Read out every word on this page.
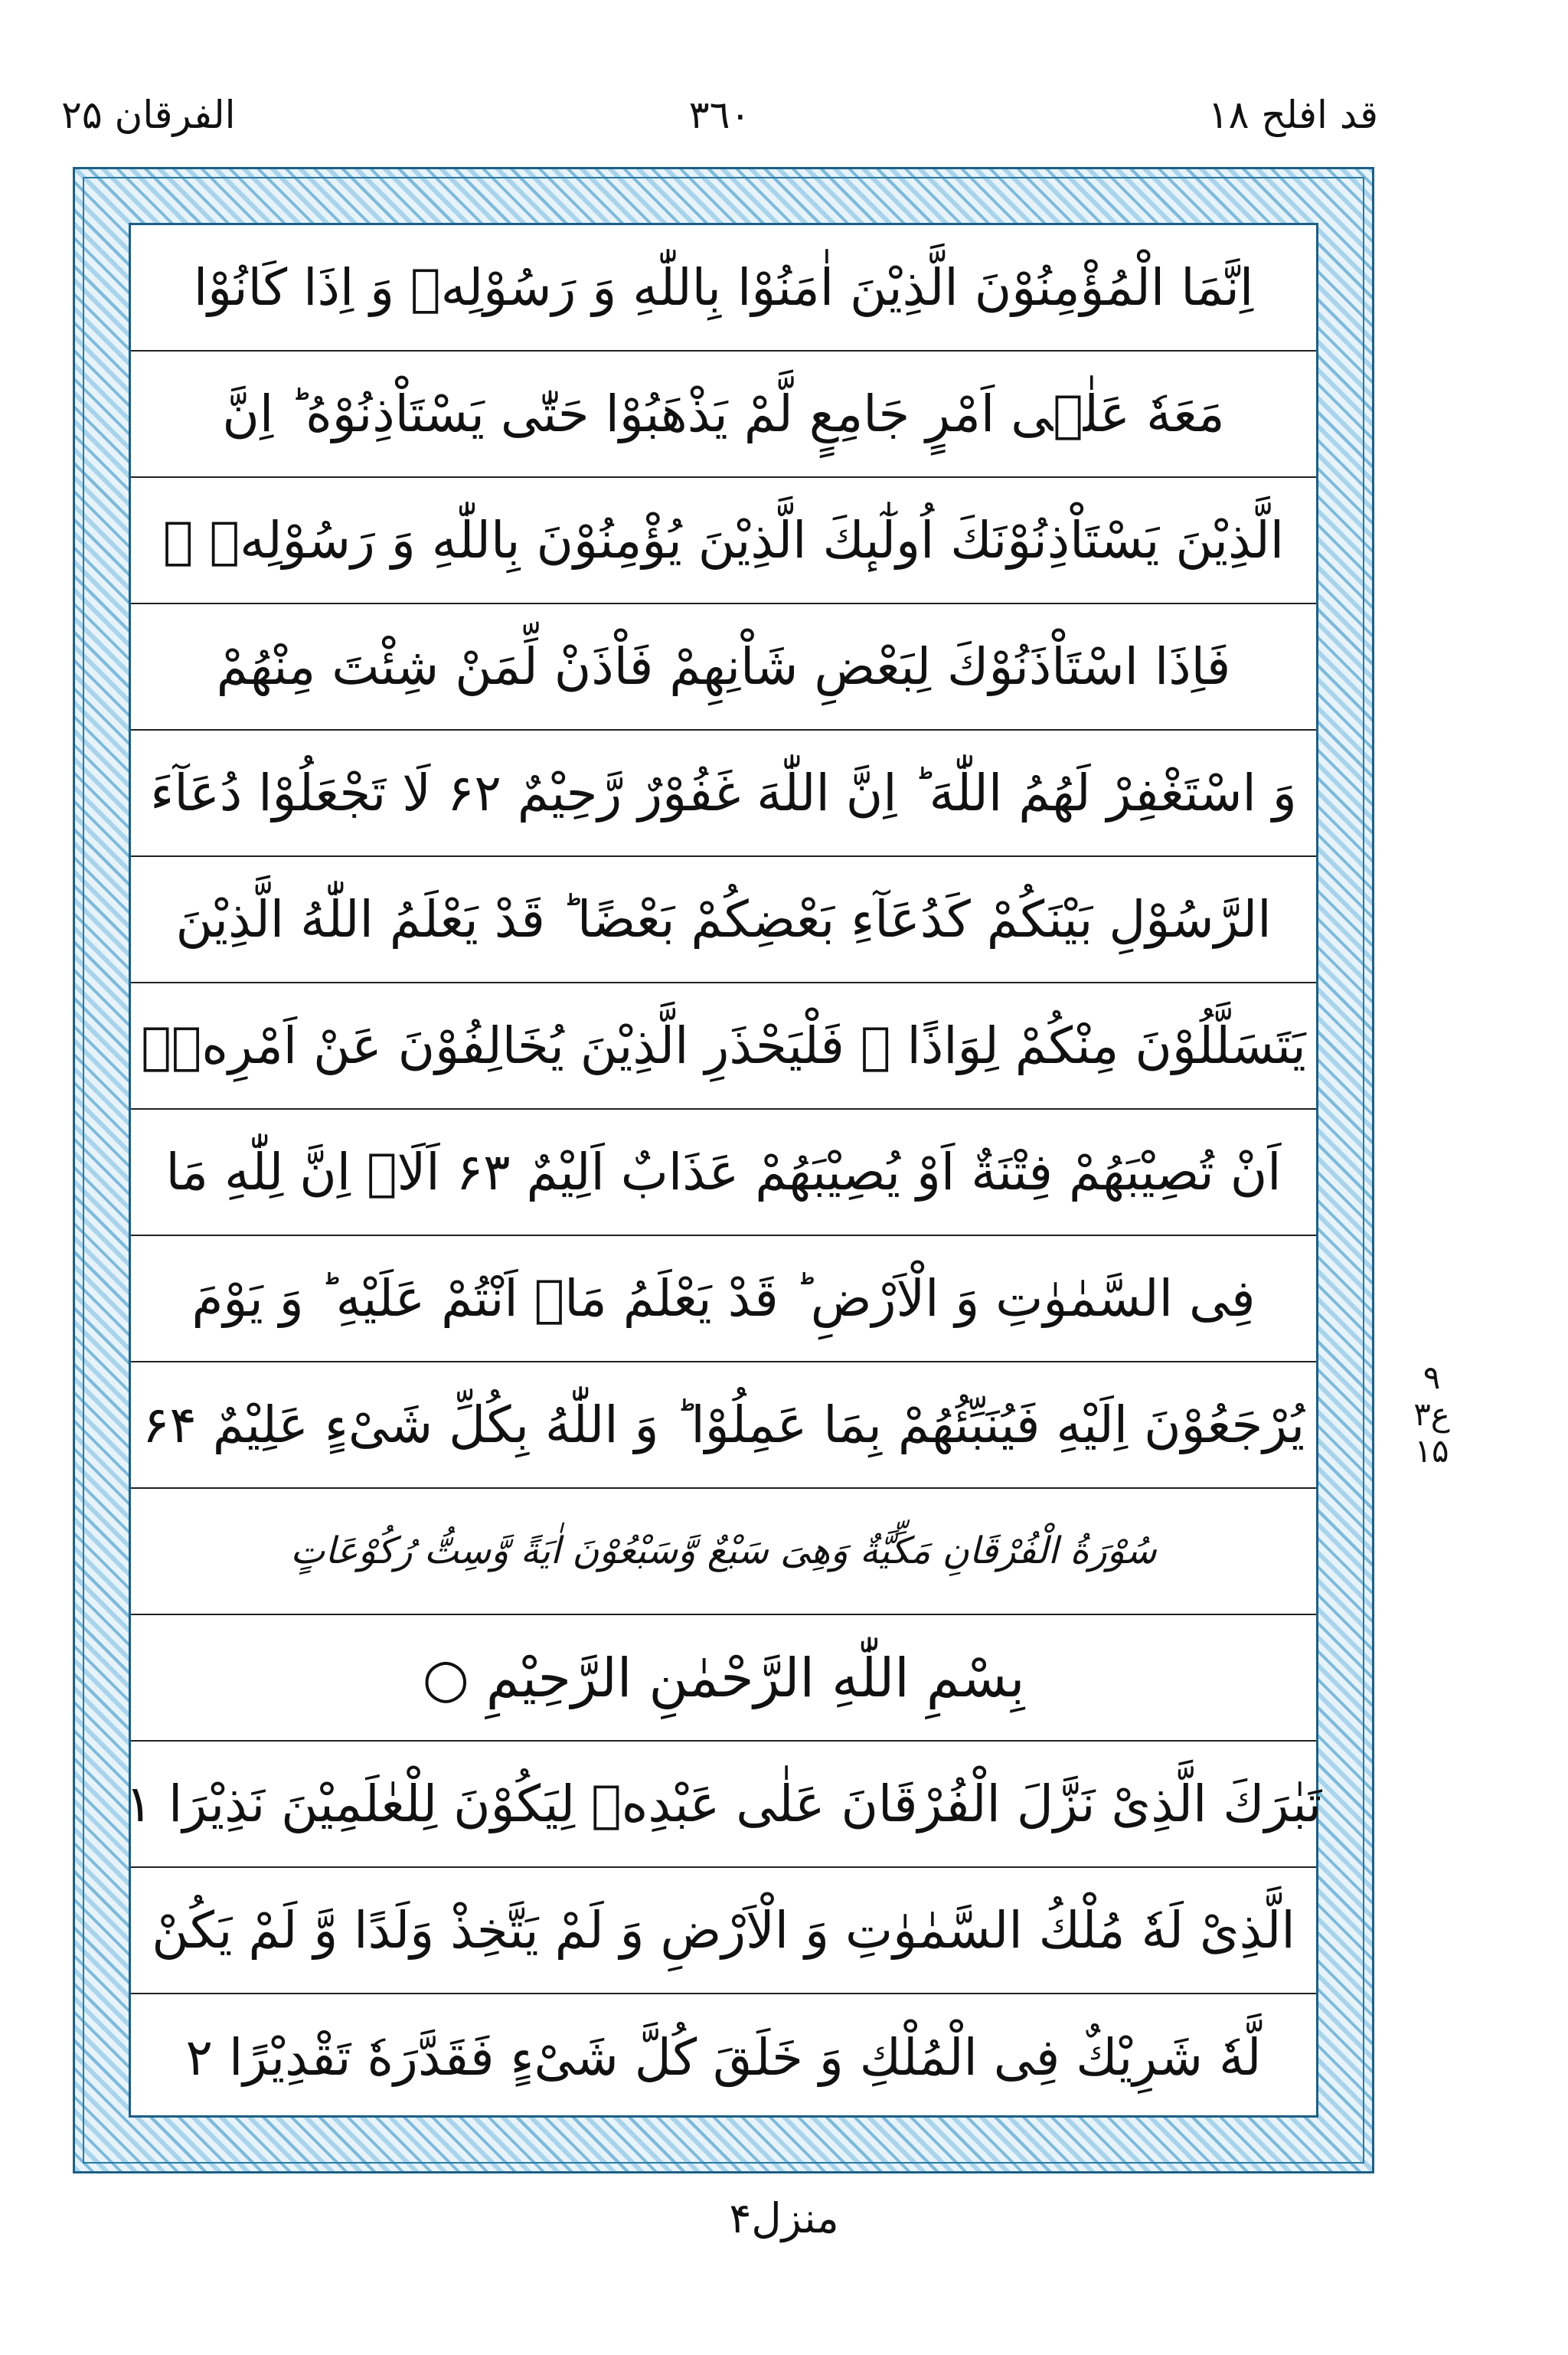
قد افلح ۱۸
۳٦۰
الفرقان ۲۵
اِنَّمَا الْمُؤْمِنُوْنَ الَّذِیْنَ اٰمَنُوْا بِاللّٰهِ وَ رَسُوْلِهٖ وَ اِذَا كَانُوْا
مَعَهٗ عَلٰۤى اَمْرٍ جَامِعٍ لَّمْ یَذْهَبُوْا حَتّٰى یَسْتَاْذِنُوْهُ ؕ اِنَّ
الَّذِیْنَ یَسْتَاْذِنُوْنَكَ اُولٰٓىٕكَ الَّذِیْنَ یُؤْمِنُوْنَ بِاللّٰهِ وَ رَسُوْلِهٖ ۚ
فَاِذَا اسْتَاْذَنُوْكَ لِبَعْضِ شَاْنِهِمْ فَاْذَنْ لِّمَنْ شِئْتَ مِنْهُمْ
وَ اسْتَغْفِرْ لَهُمُ اللّٰهَ ؕ اِنَّ اللّٰهَ غَفُوْرٌ رَّحِیْمٌ ۶۲ لَا تَجْعَلُوْا دُعَآءَ
الرَّسُوْلِ بَیْنَكُمْ كَدُعَآءِ بَعْضِكُمْ بَعْضًا ؕ قَدْ یَعْلَمُ اللّٰهُ الَّذِیْنَ
یَتَسَلَّلُوْنَ مِنْكُمْ لِوَاذًا ۚ فَلْیَحْذَرِ الَّذِیْنَ یُخَالِفُوْنَ عَنْ اَمْرِهٖۤ
اَنْ تُصِیْبَهُمْ فِتْنَةٌ اَوْ یُصِیْبَهُمْ عَذَابٌ اَلِیْمٌ ۶۳ اَلَاۤ اِنَّ لِلّٰهِ مَا
فِی السَّمٰوٰتِ وَ الْاَرْضِ ؕ قَدْ یَعْلَمُ مَاۤ اَنْتُمْ عَلَیْهِ ؕ وَ یَوْمَ
یُرْجَعُوْنَ اِلَیْهِ فَیُنَبِّئُهُمْ بِمَا عَمِلُوْا ؕ وَ اللّٰهُ بِكُلِّ شَیْءٍ عَلِیْمٌ ۶۴
سُوْرَةُ الْفُرْقَانِ مَكِّیَّةٌ وَهِیَ سَبْعٌ وَّسَبْعُوْنَ اٰیَةً وَّسِتُّ رُكُوْعَاتٍ
بِسْمِ اللّٰهِ الرَّحْمٰنِ الرَّحِیْمِ ○
تَبٰرَكَ الَّذِیْ نَزَّلَ الْفُرْقَانَ عَلٰى عَبْدِهٖ لِیَكُوْنَ لِلْعٰلَمِیْنَ نَذِیْرَا ۱
الَّذِیْ لَهٗ مُلْكُ السَّمٰوٰتِ وَ الْاَرْضِ وَ لَمْ یَتَّخِذْ وَلَدًا وَّ لَمْ یَكُنْ
لَّهٗ شَرِیْكٌ فِی الْمُلْكِ وَ خَلَقَ كُلَّ شَیْءٍ فَقَدَّرَهٗ تَقْدِیْرًا ۲
۹
ع۳
۱۵
منزل۴
